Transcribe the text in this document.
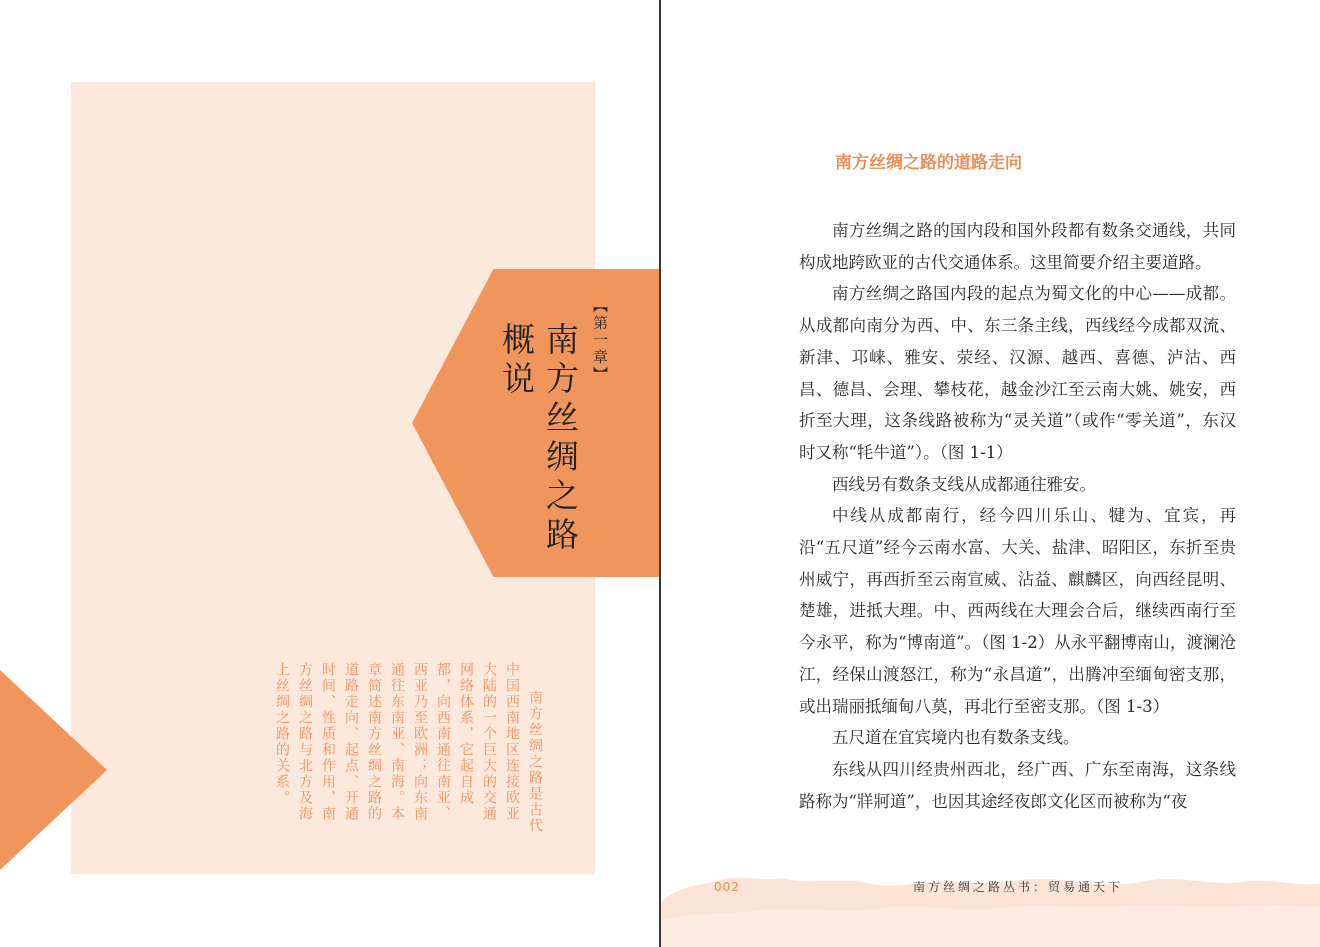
【第一章】
南方丝绸之路
概说

南方丝绸之路是古代

中国西南地区连接欧亚大陆的一个巨大的交通网络体系，它起自成都，向西南通往南亚、西亚乃至欧洲；向东南通往东南亚、南海。本章简述南方丝绸之路的道路走向、起点、开通时间、性质和作用，南方丝绸之路与北方及海上丝绸之路的关系。

南方丝绸之路的道路走向

南方丝绸之路的国内段和国外段都有数条交通线，共同构成地跨欧亚的古代交通体系。这里简要介绍主要道路。

南方丝绸之路国内段的起点为蜀文化的中心——成都。从成都向南分为西、中、东三条主线，西线经今成都双流、新津、邛崃、雅安、荥经、汉源、越西、喜德、泸沽、西昌、德昌、会理、攀枝花，越金沙江至云南大姚、姚安，西折至大理，这条线路被称为“灵关道”（或作“零关道”，东汉时又称“牦牛道”）。（图 1-1）

西线另有数条支线从成都通往雅安。

中线从成都南行，经今四川乐山、犍为、宜宾，再沿“五尺道”经今云南水富、大关、盐津、昭阳区，东折至贵州威宁，再西折至云南宣威、沾益、麒麟区，向西经昆明、楚雄，进抵大理。中、西两线在大理会合后，继续西南行至今永平，称为“博南道”。（图 1-2）从永平翻博南山，渡澜沧江，经保山渡怒江，称为“永昌道”，出腾冲至缅甸密支那，或出瑞丽抵缅甸八莫，再北行至密支那。（图 1-3）

五尺道在宜宾境内也有数条支线。

东线从四川经贵州西北，经广西、广东至南海，这条线路称为“牂牁道”，也因其途经夜郎文化区而被称为“夜

002	南方丝绸之路丛书：贸易通天下
